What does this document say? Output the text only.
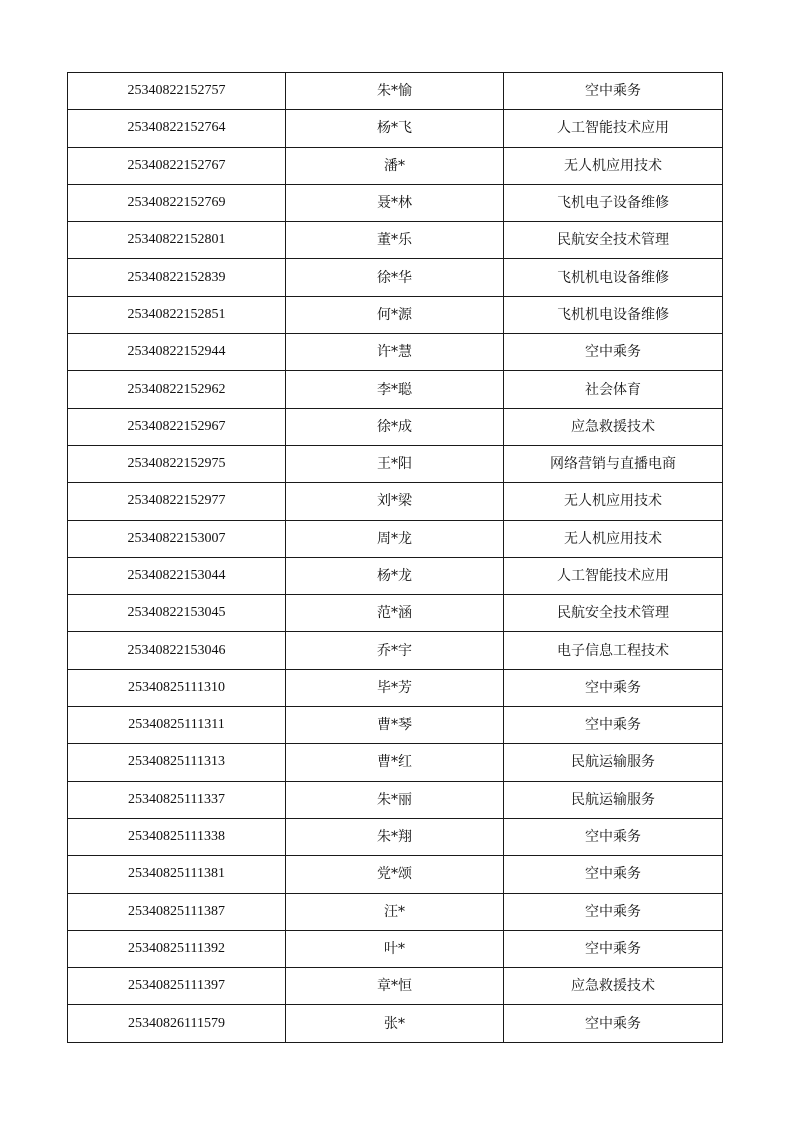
25340822152757	朱*愉	空中乘务
25340822152764	杨*飞	人工智能技术应用
25340822152767	潘*	无人机应用技术
25340822152769	聂*林	飞机电子设备维修
25340822152801	董*乐	民航安全技术管理
25340822152839	徐*华	飞机机电设备维修
25340822152851	何*源	飞机机电设备维修
25340822152944	许*慧	空中乘务
25340822152962	李*聪	社会体育
25340822152967	徐*成	应急救援技术
25340822152975	王*阳	网络营销与直播电商
25340822152977	刘*梁	无人机应用技术
25340822153007	周*龙	无人机应用技术
25340822153044	杨*龙	人工智能技术应用
25340822153045	范*涵	民航安全技术管理
25340822153046	乔*宇	电子信息工程技术
25340825111310	毕*芳	空中乘务
25340825111311	曹*琴	空中乘务
25340825111313	曹*红	民航运输服务
25340825111337	朱*丽	民航运输服务
25340825111338	朱*翔	空中乘务
25340825111381	党*颂	空中乘务
25340825111387	汪*	空中乘务
25340825111392	叶*	空中乘务
25340825111397	章*恒	应急救援技术
25340826111579	张*	空中乘务
